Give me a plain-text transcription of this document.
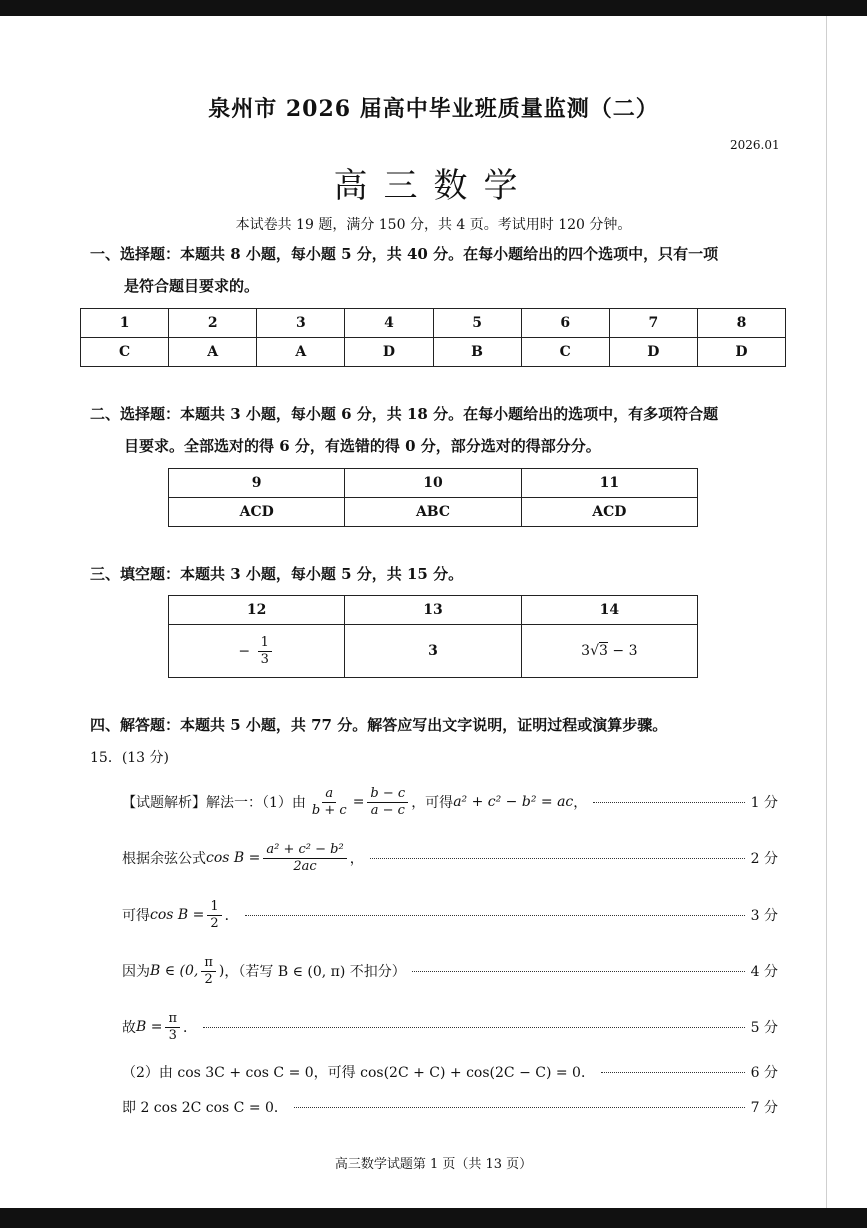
泉州市 2026 届高中毕业班质量监测（二）
2026.01
高三数学
本试卷共 19 题，满分 150 分，共 4 页。考试用时 120 分钟。
一、选择题：本题共 8 小题，每小题 5 分，共 40 分。在每小题给出的四个选项中，只有一项
是符合题目要求的。
1	2	3	4	5	6	7	8
C	A	A	D	B	C	D	D
二、选择题：本题共 3 小题，每小题 6 分，共 18 分。在每小题给出的选项中，有多项符合题
目要求。全部选对的得 6 分，有选错的得 0 分，部分选对的得部分分。
9	10	11
ACD	ABC	ACD
三、填空题：本题共 3 小题，每小题 5 分，共 15 分。
12	13	14
− $\frac{1}{3}$	3	3√3 − 3
四、解答题：本题共 5 小题，共 77 分。解答应写出文字说明，证明过程或演算步骤。
15．(13 分)
【试题解析】解法一：（1）由 $\frac{a}{b + c} = \frac{b - c}{a - c}$ ，可得 a² + c² − b² = ac ，	1 分
根据余弦公式 $\cos B = \frac{\text{a² + c² − b²}}{2ac}$ ，	2 分
可得 $\cos B = \frac{1}{2}$ ．	3 分
因为 B ∈ (0, $\frac{\pi}{2}$ ) ，（若写 B ∈ (0, π) 不扣分）	4 分
故 $B = \frac{\pi}{3}$ ．	5 分
（2）由 cos 3C + cos C = 0，可得 cos(2C + C) + cos(2C − C) = 0．	6 分
即 2 cos 2C cos C = 0．	7 分
高三数学试题第 1 页（共 13 页）
